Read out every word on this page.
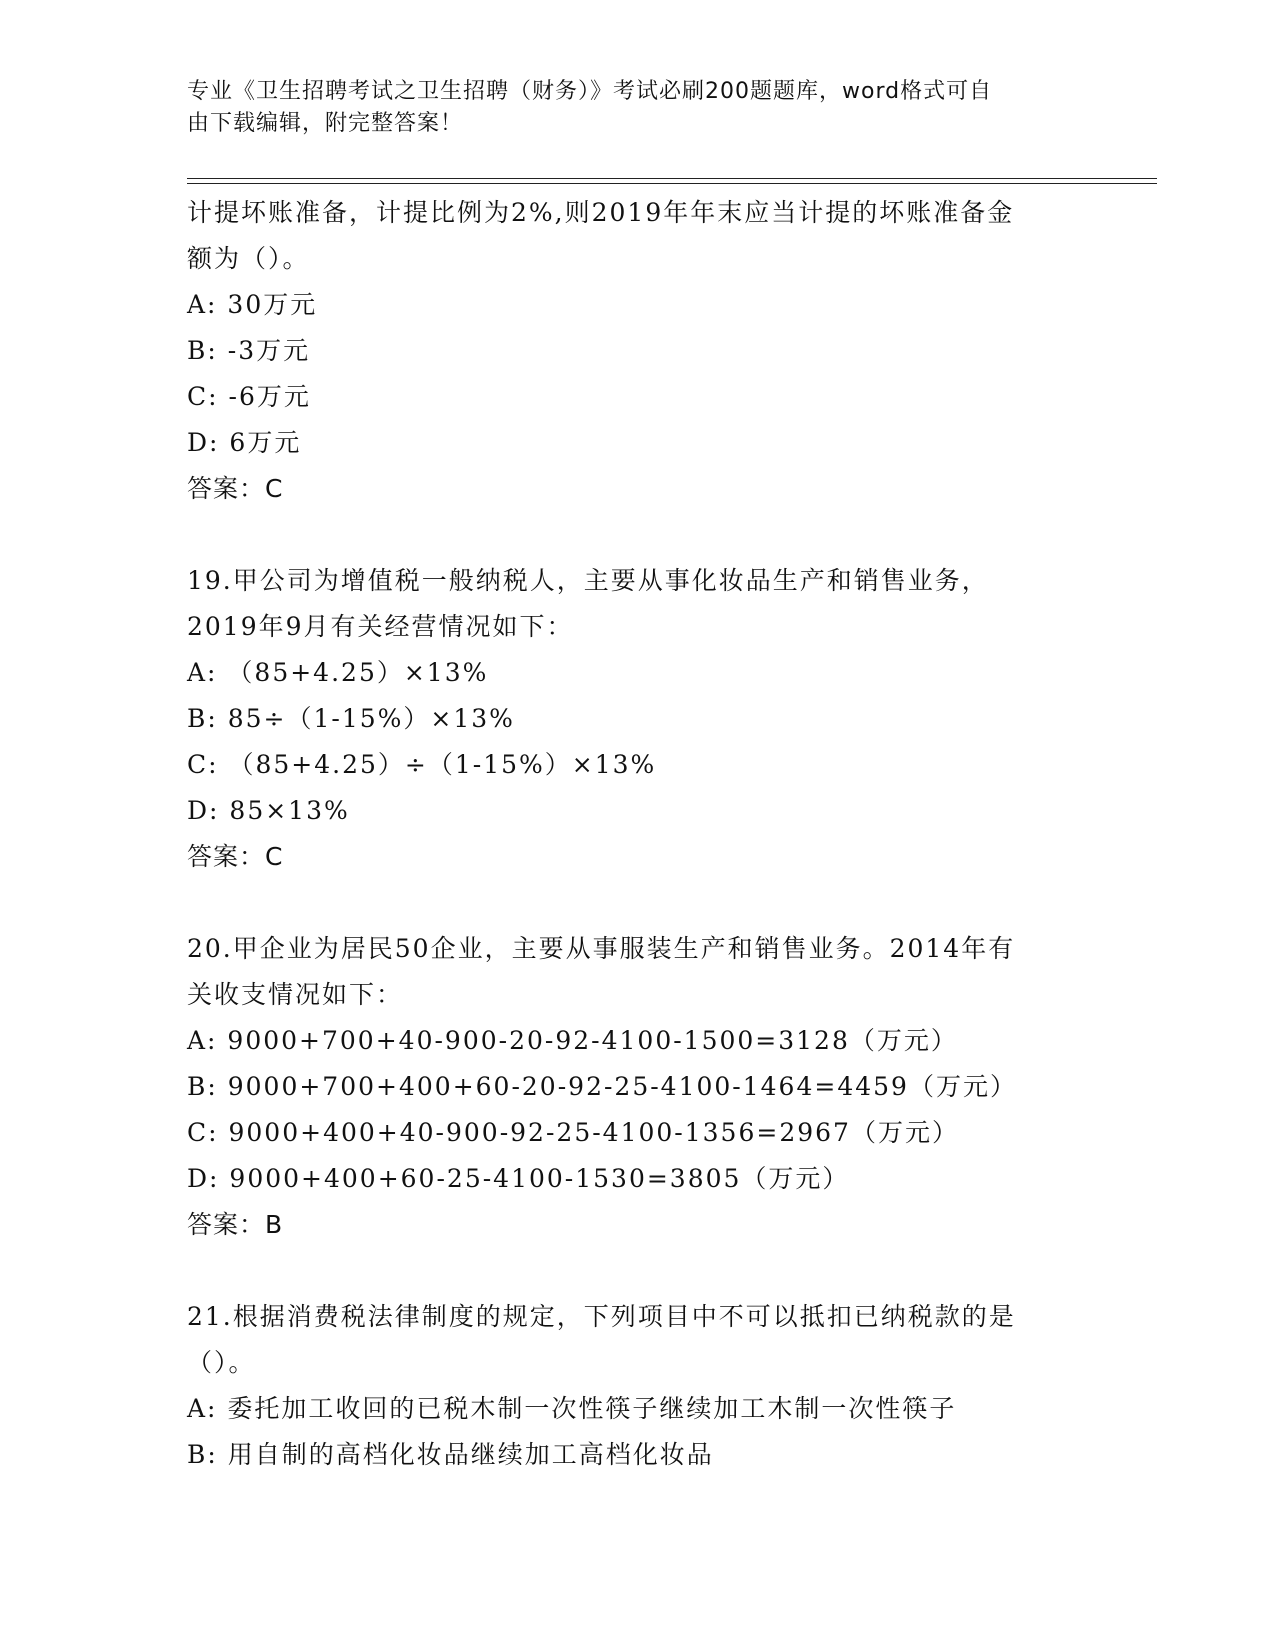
专业《卫生招聘考试之卫生招聘（财务）》考试必刷200题题库，word格式可自
由下载编辑，附完整答案！
计提坏账准备，计提比例为2%,则2019年年末应当计提的坏账准备金
额为（）。
A: 30万元
B: -3万元
C: -6万元
D: 6万元
答案：C
19.甲公司为增值税一般纳税人，主要从事化妆品生产和销售业务，
2019年9月有关经营情况如下：
A: （85+4.25）×13%
B: 85÷（1-15%）×13%
C: （85+4.25）÷（1-15%）×13%
D: 85×13%
答案：C
20.甲企业为居民50企业，主要从事服装生产和销售业务。2014年有
关收支情况如下：
A: 9000+700+40-900-20-92-4100-1500=3128（万元）
B: 9000+700+400+60-20-92-25-4100-1464=4459（万元）
C: 9000+400+40-900-92-25-4100-1356=2967（万元）
D: 9000+400+60-25-4100-1530=3805（万元）
答案：B
21.根据消费税法律制度的规定，下列项目中不可以抵扣已纳税款的是
（）。
A: 委托加工收回的已税木制一次性筷子继续加工木制一次性筷子
B: 用自制的高档化妆品继续加工高档化妆品
